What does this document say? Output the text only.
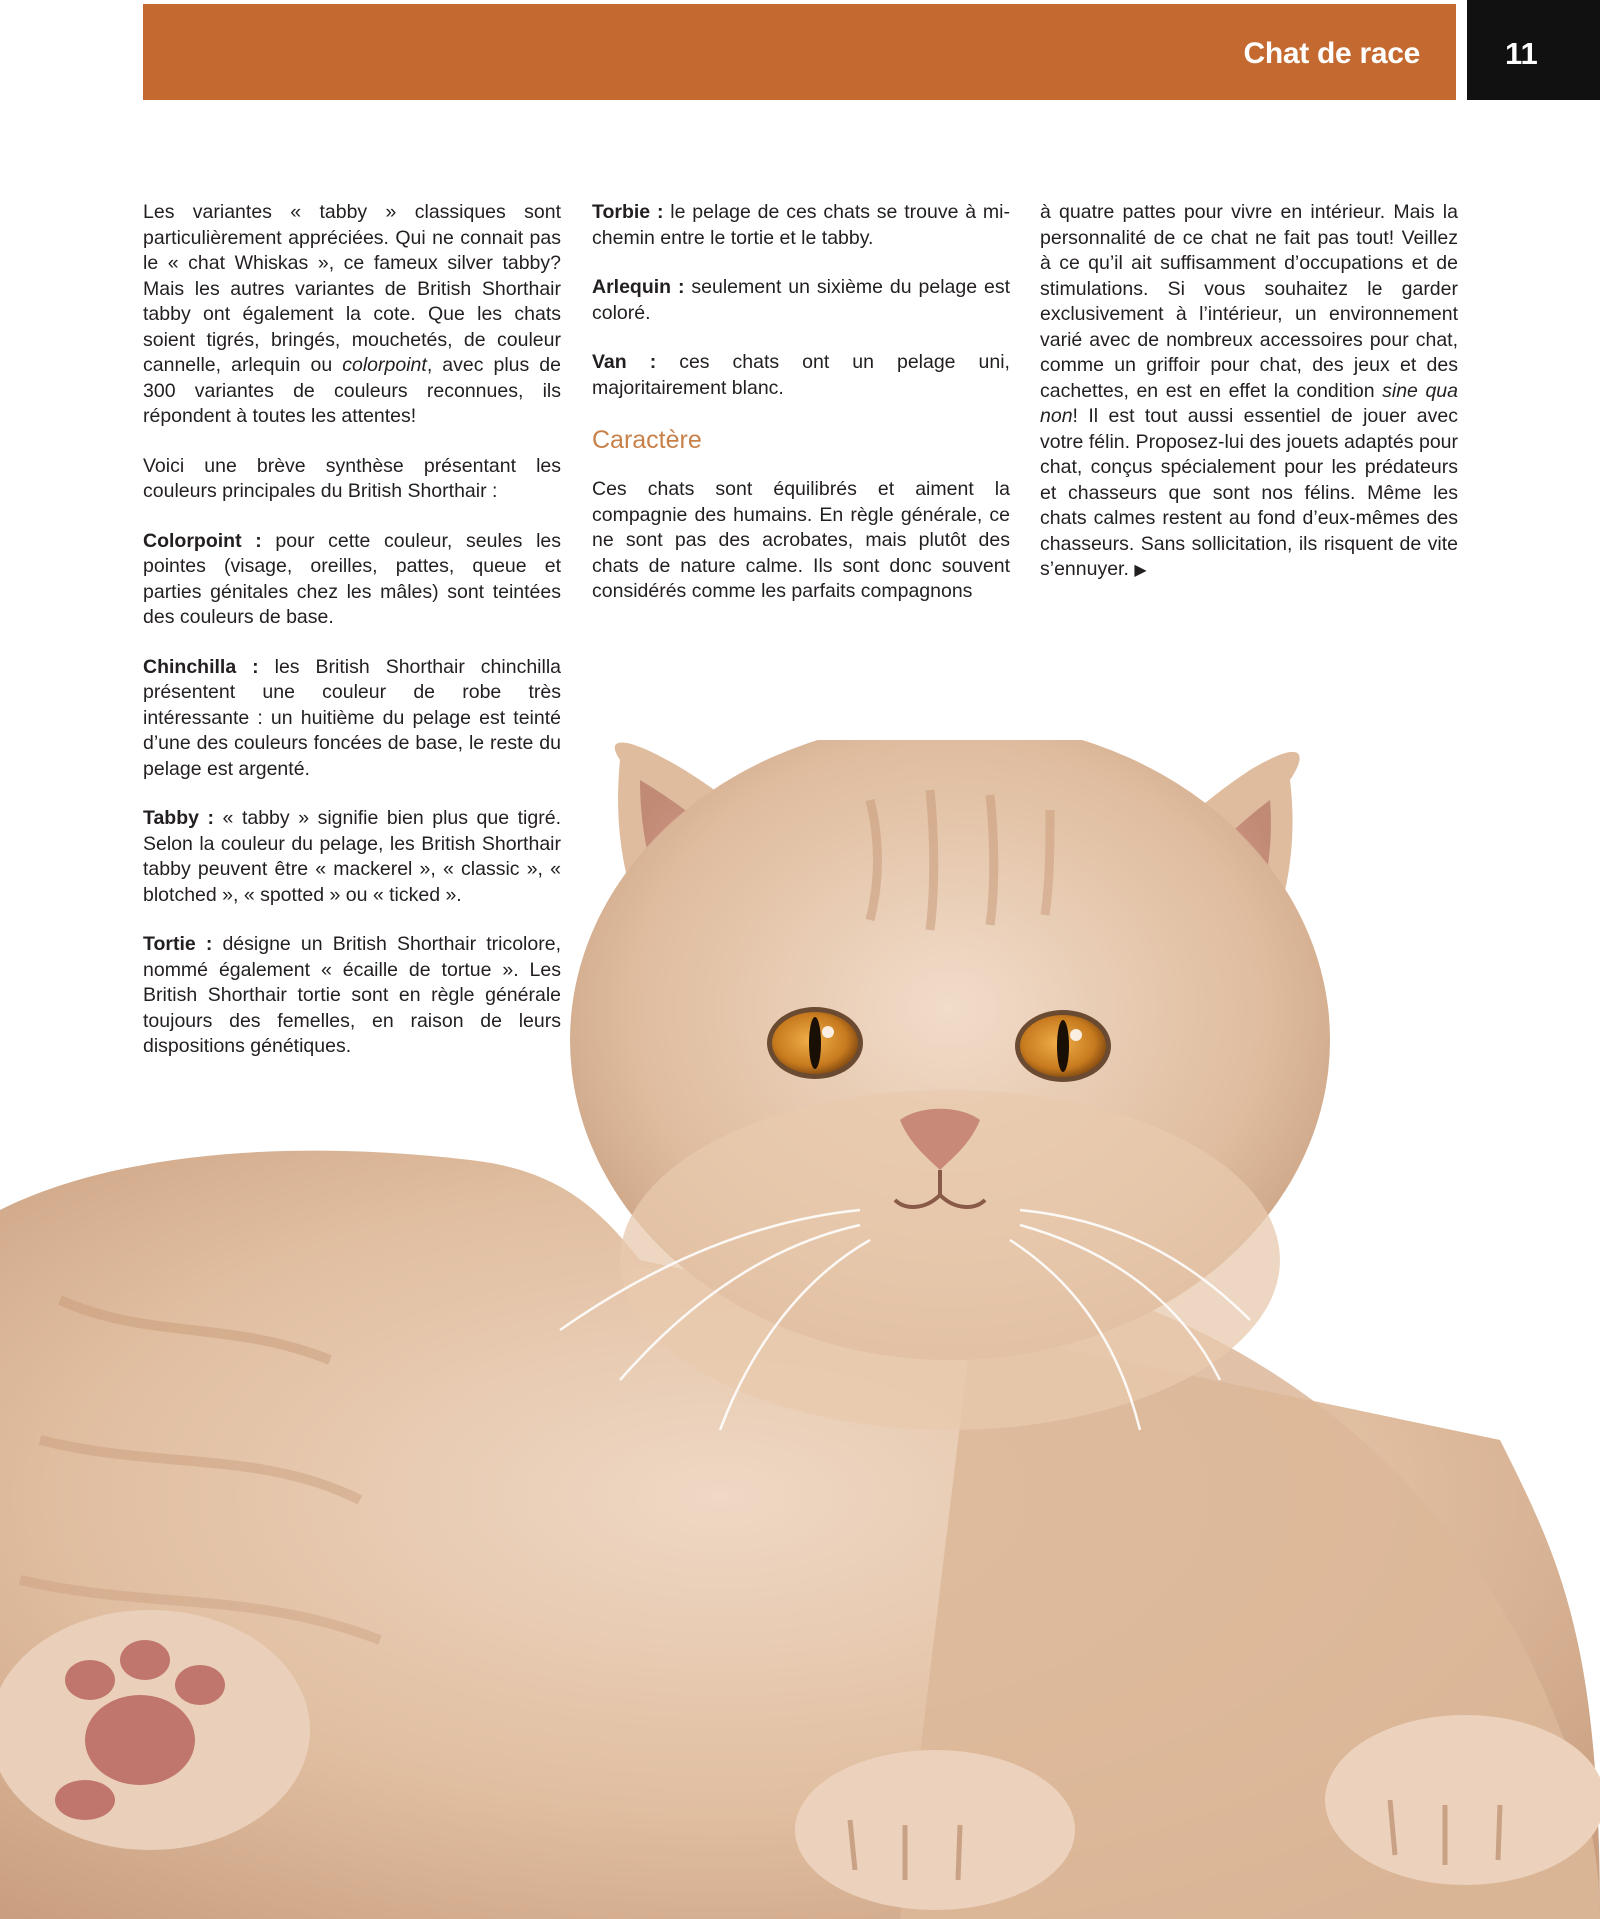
Chat de race	11

Les variantes « tabby » classiques sont particulièrement appréciées. Qui ne connait pas le « chat Whiskas », ce fameux silver tabby? Mais les autres variantes de British Shorthair tabby ont également la cote. Que les chats soient tigrés, bringés, mouchetés, de couleur cannelle, arlequin ou colorpoint, avec plus de 300 variantes de couleurs reconnues, ils répondent à toutes les attentes!

Voici une brève synthèse présentant les couleurs principales du British Shorthair :

Colorpoint : pour cette couleur, seules les pointes (visage, oreilles, pattes, queue et parties génitales chez les mâles) sont teintées des couleurs de base.

Chinchilla : les British Shorthair chinchilla présentent une couleur de robe très intéressante : un huitième du pelage est teinté d’une des couleurs foncées de base, le reste du pelage est argenté.

Tabby : « tabby » signifie bien plus que tigré. Selon la couleur du pelage, les British Shorthair tabby peuvent être « mackerel », « classic », « blotched », « spotted » ou « ticked ».

Tortie : désigne un British Shorthair tricolore, nommé également « écaille de tortue ». Les British Shorthair tortie sont en règle générale toujours des femelles, en raison de leurs dispositions génétiques.

Torbie : le pelage de ces chats se trouve à mi-chemin entre le tortie et le tabby.

Arlequin : seulement un sixième du pelage est coloré.

Van : ces chats ont un pelage uni, majoritairement blanc.

Caractère

Ces chats sont équilibrés et aiment la compagnie des humains. En règle générale, ce ne sont pas des acrobates, mais plutôt des chats de nature calme. Ils sont donc souvent considérés comme les parfaits compagnons

à quatre pattes pour vivre en intérieur. Mais la personnalité de ce chat ne fait pas tout! Veillez à ce qu’il ait suffisamment d’occupations et de stimulations. Si vous souhaitez le garder exclusivement à l’intérieur, un environnement varié avec de nombreux accessoires pour chat, comme un griffoir pour chat, des jeux et des cachettes, en est en effet la condition sine qua non! Il est tout aussi essentiel de jouer avec votre félin. Proposez-lui des jouets adaptés pour chat, conçus spécialement pour les prédateurs et chasseurs que sont nos félins. Même les chats calmes restent au fond d’eux-mêmes des chasseurs. Sans sollicitation, ils risquent de vite s’ennuyer. ▶
